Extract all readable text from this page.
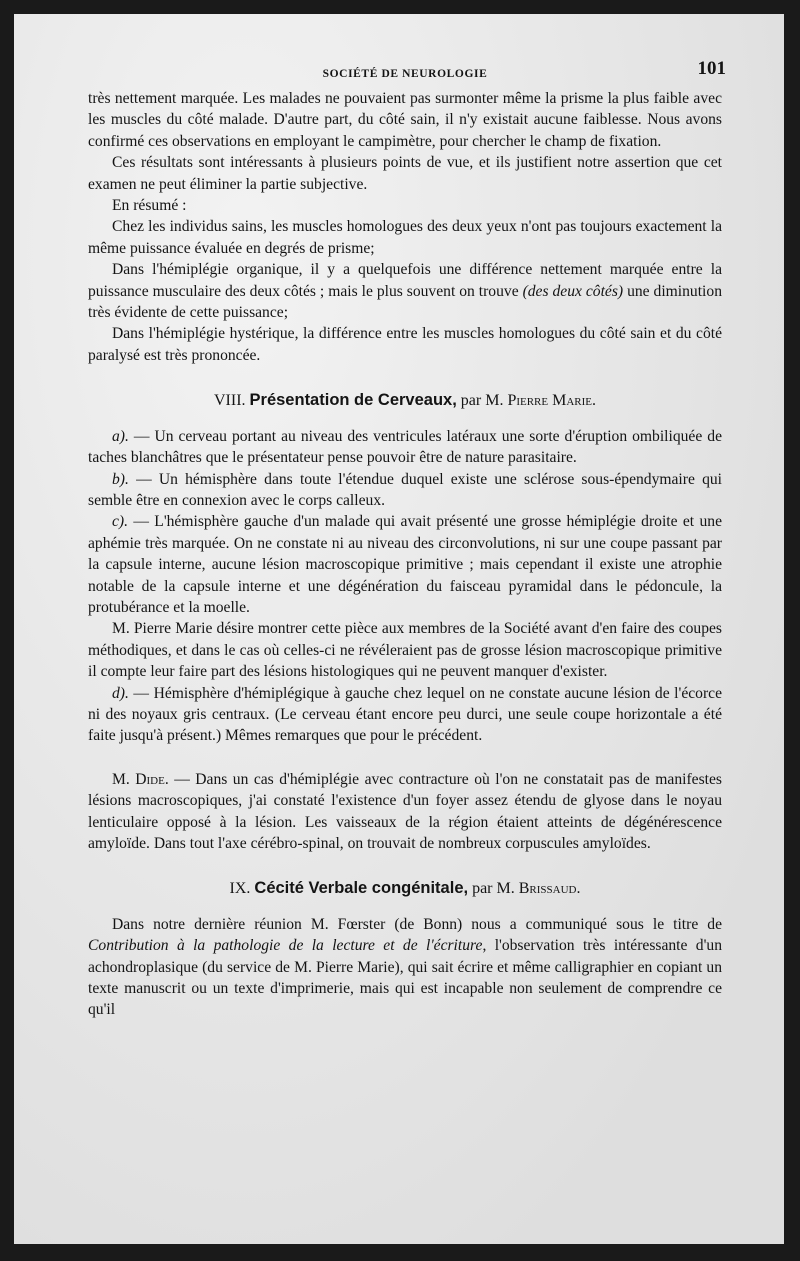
SOCIÉTÉ DE NEUROLOGIE	101

très nettement marquée. Les malades ne pouvaient pas surmonter même la prisme la plus faible avec les muscles du côté malade. D'autre part, du côté sain, il n'y existait aucune faiblesse. Nous avons confirmé ces observations en employant le campimètre, pour chercher le champ de fixation.

Ces résultats sont intéressants à plusieurs points de vue, et ils justifient notre assertion que cet examen ne peut éliminer la partie subjective.

En résumé :

Chez les individus sains, les muscles homologues des deux yeux n'ont pas toujours exactement la même puissance évaluée en degrés de prisme;

Dans l'hémiplégie organique, il y a quelquefois une différence nettement marquée entre la puissance musculaire des deux côtés ; mais le plus souvent on trouve (des deux côtés) une diminution très évidente de cette puissance;

Dans l'hémiplégie hystérique, la différence entre les muscles homologues du côté sain et du côté paralysé est très prononcée.

VIII. Présentation de Cerveaux, par M. Pierre Marie.

a). — Un cerveau portant au niveau des ventricules latéraux une sorte d'éruption ombiliquée de taches blanchâtres que le présentateur pense pouvoir être de nature parasitaire.

b). — Un hémisphère dans toute l'étendue duquel existe une sclérose sous-épendymaire qui semble être en connexion avec le corps calleux.

c). — L'hémisphère gauche d'un malade qui avait présenté une grosse hémiplégie droite et une aphémie très marquée. On ne constate ni au niveau des circonvolutions, ni sur une coupe passant par la capsule interne, aucune lésion macroscopique primitive ; mais cependant il existe une atrophie notable de la capsule interne et une dégénération du faisceau pyramidal dans le pédoncule, la protubérance et la moelle.

M. Pierre Marie désire montrer cette pièce aux membres de la Société avant d'en faire des coupes méthodiques, et dans le cas où celles-ci ne révéleraient pas de grosse lésion macroscopique primitive il compte leur faire part des lésions histologiques qui ne peuvent manquer d'exister.

d). — Hémisphère d'hémiplégique à gauche chez lequel on ne constate aucune lésion de l'écorce ni des noyaux gris centraux. (Le cerveau étant encore peu durci, une seule coupe horizontale a été faite jusqu'à présent.) Mêmes remarques que pour le précédent.

M. Dide. — Dans un cas d'hémiplégie avec contracture où l'on ne constatait pas de manifestes lésions macroscopiques, j'ai constaté l'existence d'un foyer assez étendu de glyose dans le noyau lenticulaire opposé à la lésion. Les vaisseaux de la région étaient atteints de dégénérescence amyloïde. Dans tout l'axe cérébro-spinal, on trouvait de nombreux corpuscules amyloïdes.

IX. Cécité Verbale congénitale, par M. Brissaud.

Dans notre dernière réunion M. Fœrster (de Bonn) nous a communiqué sous le titre de Contribution à la pathologie de la lecture et de l'écriture, l'observation très intéressante d'un achondroplasique (du service de M. Pierre Marie), qui sait écrire et même calligraphier en copiant un texte manuscrit ou un texte d'imprimerie, mais qui est incapable non seulement de comprendre ce qu'il
